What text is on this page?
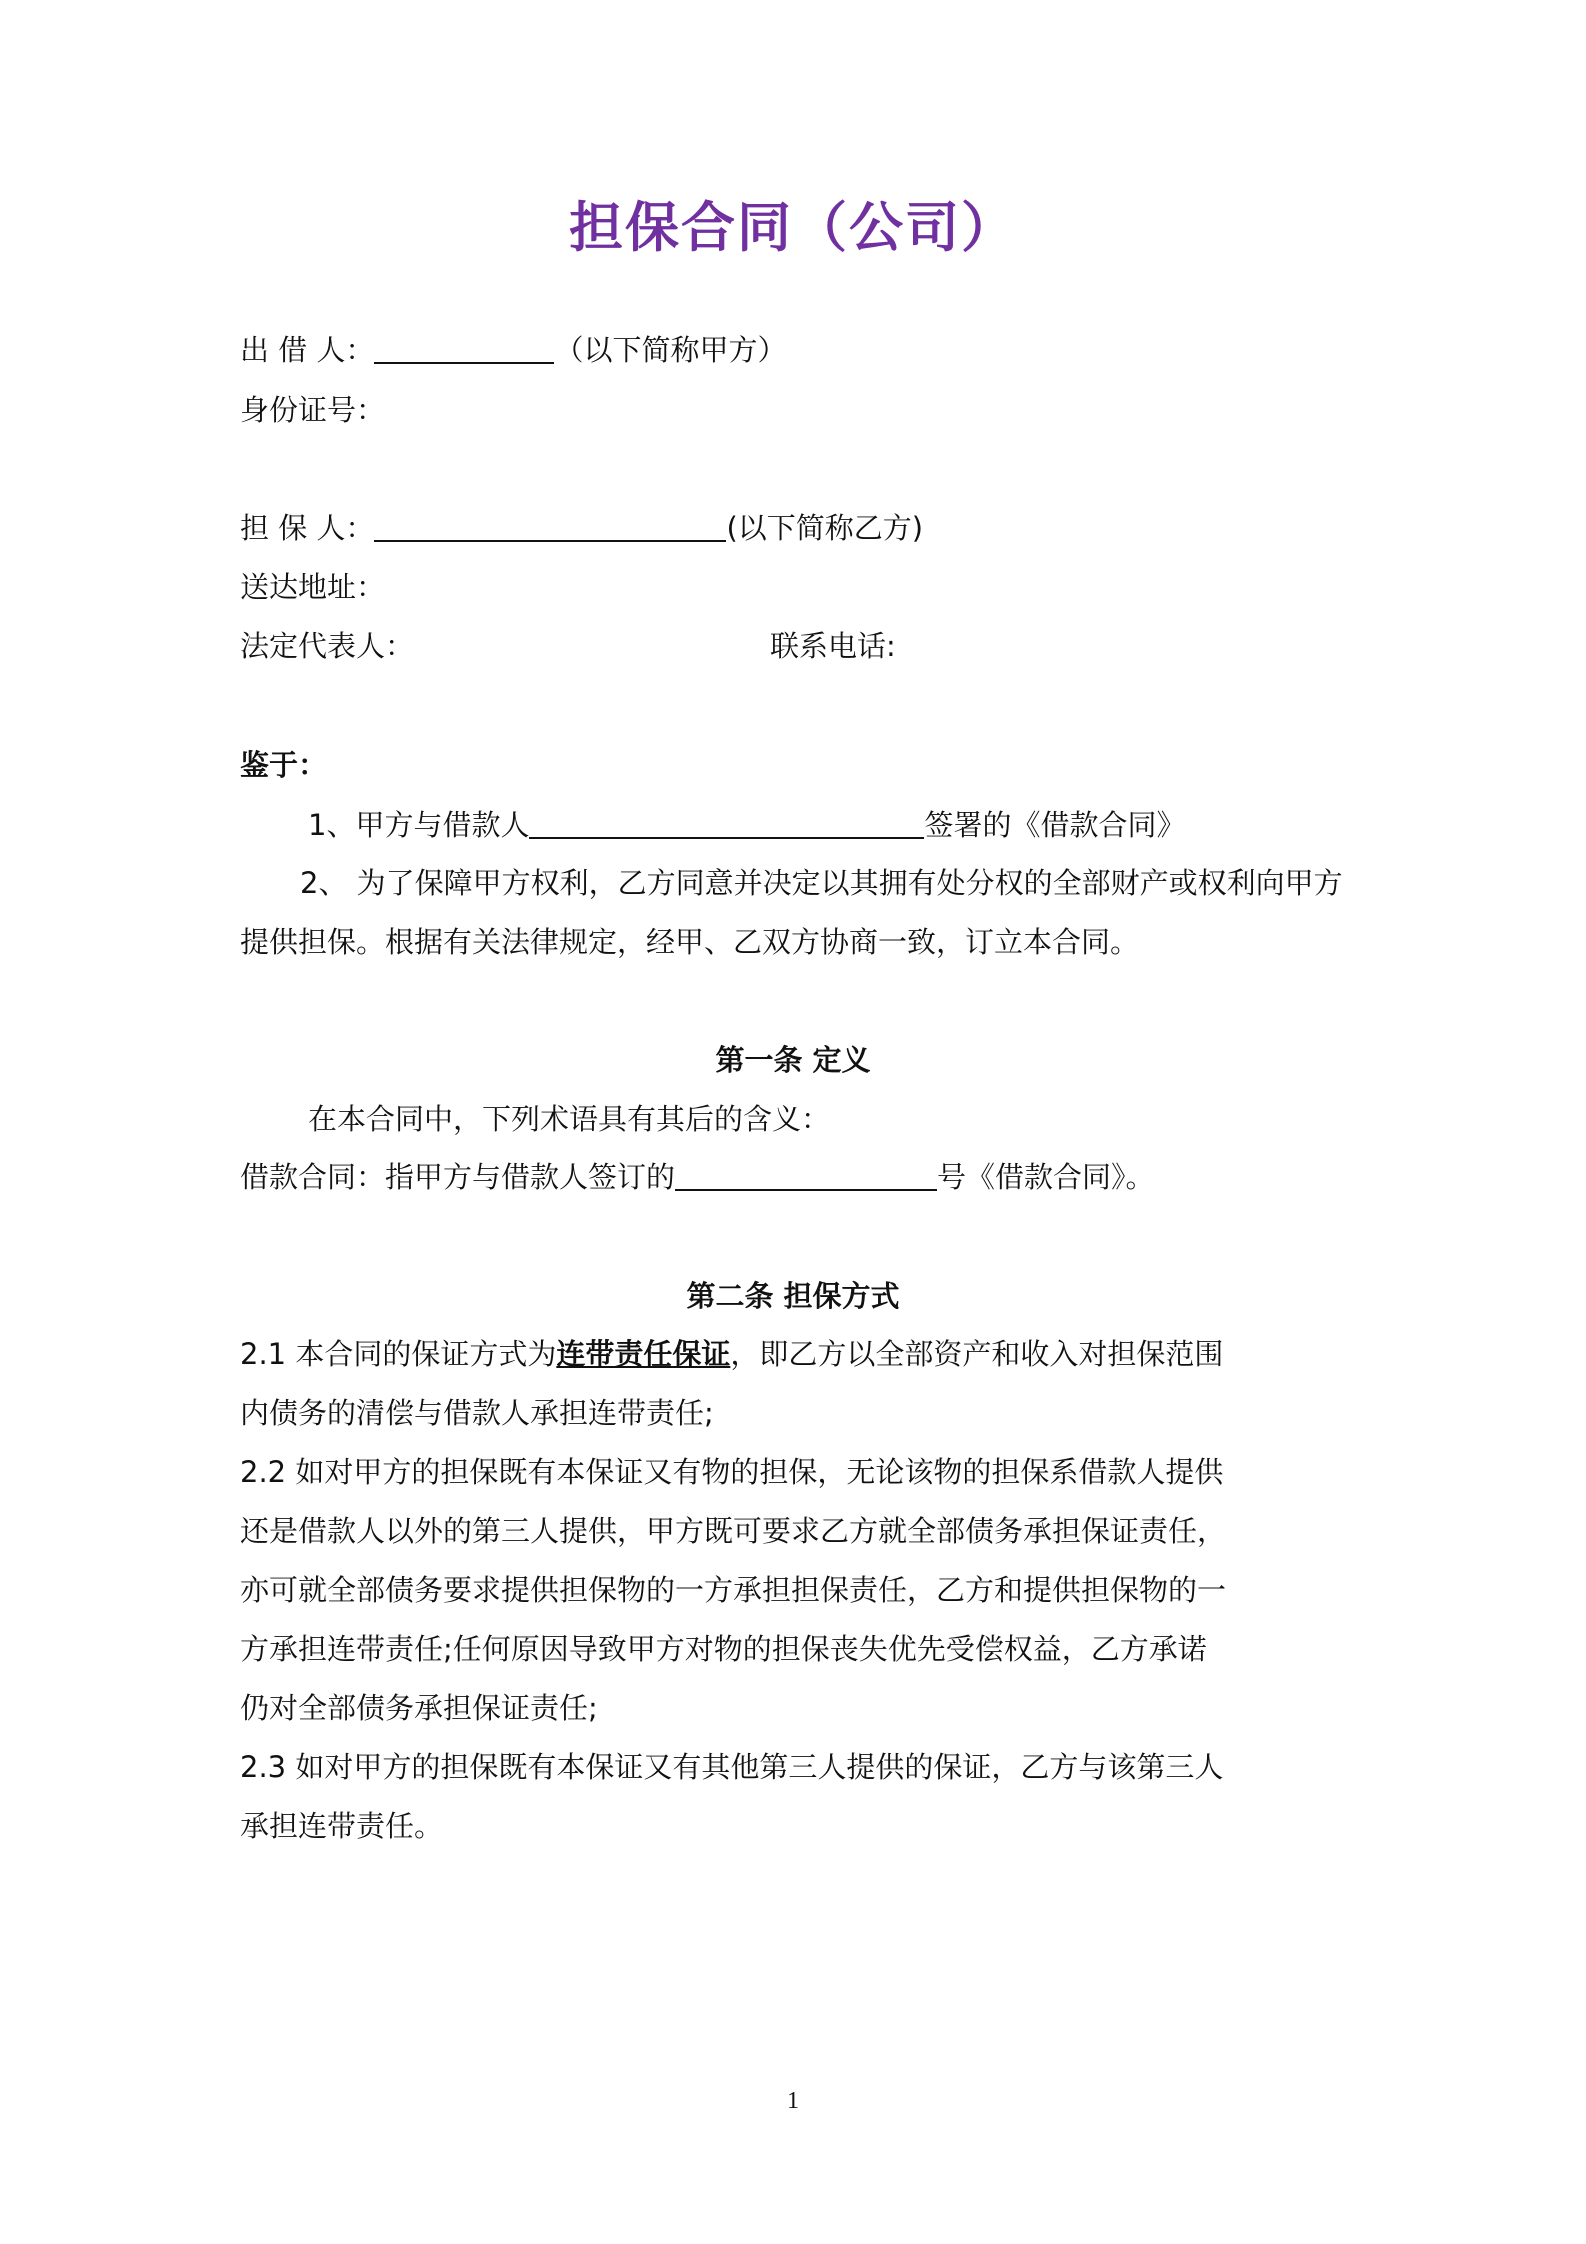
担保合同（公司）
出 借 人：	（以下简称甲方）
身份证号：
担 保 人：	(以下简称乙方)
送达地址：
法定代表人：	联系电话:
鉴于：
1、甲方与借款人	签署的《借款合同》
2、 为了保障甲方权利，乙方同意并决定以其拥有处分权的全部财产或权利向甲方
提供担保。根据有关法律规定，经甲、乙双方协商一致，订立本合同。
第一条 定义
在本合同中，下列术语具有其后的含义：
借款合同：指甲方与借款人签订的	号《借款合同》。
第二条 担保方式
2.1 本合同的保证方式为连带责任保证，即乙方以全部资产和收入对担保范围
内债务的清偿与借款人承担连带责任;
2.2 如对甲方的担保既有本保证又有物的担保，无论该物的担保系借款人提供
还是借款人以外的第三人提供，甲方既可要求乙方就全部债务承担保证责任，
亦可就全部债务要求提供担保物的一方承担担保责任，乙方和提供担保物的一
方承担连带责任;任何原因导致甲方对物的担保丧失优先受偿权益，乙方承诺
仍对全部债务承担保证责任;
2.3 如对甲方的担保既有本保证又有其他第三人提供的保证，乙方与该第三人
承担连带责任。
1
